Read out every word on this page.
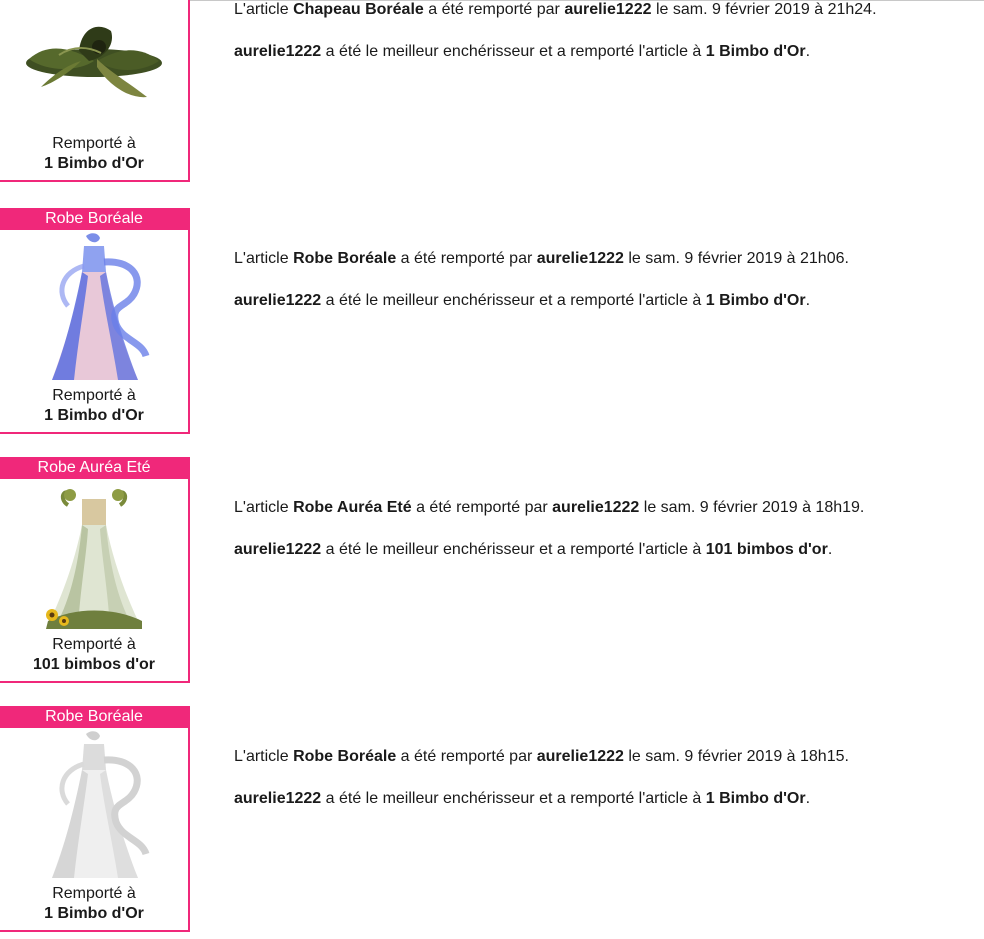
Remporté à
1 Bimbo d'Or

L'article Chapeau Boréale a été remporté par aurelie1222 le sam. 9 février 2019 à 21h24.

aurelie1222 a été le meilleur enchérisseur et a remporté l'article à 1 Bimbo d'Or.

Robe Boréale
Remporté à
1 Bimbo d'Or

L'article Robe Boréale a été remporté par aurelie1222 le sam. 9 février 2019 à 21h06.

aurelie1222 a été le meilleur enchérisseur et a remporté l'article à 1 Bimbo d'Or.

Robe Auréa Eté
Remporté à
101 bimbos d'or

L'article Robe Auréa Eté a été remporté par aurelie1222 le sam. 9 février 2019 à 18h19.

aurelie1222 a été le meilleur enchérisseur et a remporté l'article à 101 bimbos d'or.

Robe Boréale
Remporté à
1 Bimbo d'Or

L'article Robe Boréale a été remporté par aurelie1222 le sam. 9 février 2019 à 18h15.

aurelie1222 a été le meilleur enchérisseur et a remporté l'article à 1 Bimbo d'Or.
